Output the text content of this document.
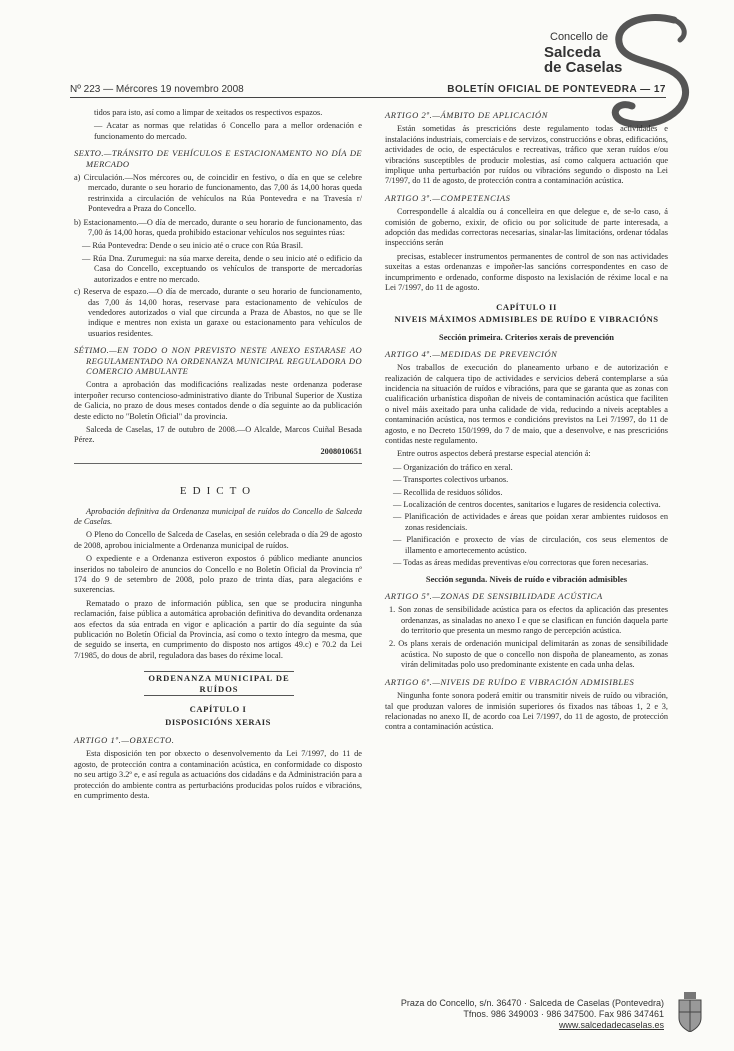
Concello de
Salceda
de Caselas
Nº 223 — Mércores 19 novembro 2008	BOLETÍN OFICIAL DE PONTEVEDRA — 17

tidos para isto, así como a limpar de xeitados os respectivos espazos.

— Acatar as normas que relatidas ó Concello para a mellor ordenación e funcionamento do mercado.

SEXTO.—TRÁNSITO DE VEHÍCULOS E ESTACIONAMENTO NO DÍA DE MERCADO

a) Circulación.—Nos mércores ou, de coincidir en festivo, o día en que se celebre mercado, durante o seu horario de funcionamento, das 7,00 ás 14,00 horas queda restrinxida a circulación de vehículos na Rúa Pontevedra e na Travesía r/ Pontevedra a Praza do Concello.

b) Estacionamento.—O día de mercado, durante o seu horario de funcionamento, das 7,00 ás 14,00 horas, queda prohibido estacionar vehículos nos seguintes rúas:

— Rúa Pontevedra: Dende o seu inicio até o cruce con Rúa Brasil.

— Rúa Dna. Zurumegui: na súa marxe dereita, dende o seu inicio até o edificio da Casa do Concello, exceptuando os vehículos de transporte de mercadorías autorizados e entre no mercado.

c) Reserva de espazo.—O día de mercado, durante o seu horario de funcionamento, das 7,00 ás 14,00 horas, reservase para estacionamento de vehículos de vendedores autorizados o vial que circunda a Praza de Abastos, no que se lle indique e mentres non exista un garaxe ou estacionamento para vehículos de usuarios residentes.

SÉTIMO.—EN TODO O NON PREVISTO NESTE ANEXO ESTARASE AO REGULAMENTADO NA ORDENANZA MUNICIPAL REGULADORA DO COMERCIO AMBULANTE

Contra a aprobación das modificacións realizadas neste ordenanza poderase interpoñer recurso contencioso-administrativo diante do Tribunal Superior de Xustiza de Galicia, no prazo de dous meses contados dende o día seguinte ao da publicación deste edicto no "Boletín Oficial" da provincia.

Salceda de Caselas, 17 de outubro de 2008.—O Alcalde, Marcos Cuiñal Besada Pérez.

2008010651

EDICTO

Aprobación definitiva da Ordenanza municipal de ruídos do Concello de Salceda de Caselas.

O Pleno do Concello de Salceda de Caselas, en sesión celebrada o día 29 de agosto de 2008, aprobou inicialmente a Ordenanza municipal de ruídos.

O expediente e a Ordenanza estiveron expostos ó público mediante anuncios inseridos no taboleiro de anuncios do Concello e no Boletín Oficial da Provincia nº 174 do 9 de setembro de 2008, polo prazo de trinta días, para alegacións e suxerencias.

Rematado o prazo de información pública, sen que se producira ningunha reclamación, faise pública a automática aprobación definitiva do devandita ordenanza aos efectos da súa entrada en vigor e aplicación a partir do día seguinte da súa publicación no Boletín Oficial da Provincia, así como o texto íntegro da mesma, que de seguido se inserta, en cumprimento do disposto nos artigos 49.c) e 70.2 da Lei 7/1985, do dous de abril, reguladora das bases do réxime local.

ORDENANZA MUNICIPAL DE RUÍDOS
CAPÍTULO I
DISPOSICIÓNS XERAIS
ARTIGO 1º.—OBXECTO.

Esta disposición ten por obxecto o desenvolvemento da Lei 7/1997, do 11 de agosto, de protección contra a contaminación acústica, en conformidade co disposto no seu artigo 3.2º e, e así regula as actuacións dos cidadáns e da Administración para a protección do ambiente contra as perturbacións producidas polos ruídos e vibracións, en cumprimento desta.

ARTIGO 2º.—ÁMBITO DE APLICACIÓN

Están sometidas ás prescricións deste regulamento todas actividades e instalacións industriais, comerciais e de servizos, construccións e obras, edificacións, actividades de ocio, de espectáculos e recreativas, tráfico que xeran ruídos e/ou vibracións susceptibles de producir molestias, así como calquera actuación que implique unha perturbación por ruídos ou vibracións segundo o disposto na Lei 7/1997, do 11 de agosto, de protección contra a contaminación acústica.

ARTIGO 3º.—COMPETENCIAS

Correspondelle á alcaldía ou á concelleira en que delegue e, de se-lo caso, á comisión de goberno, exixir, de oficio ou por solicitude de parte interesada, a adopción das medidas correctoras necesarias, sinalar-las limitacións, ordenar tódalas inspeccións serán

precisas, establecer instrumentos permanentes de control de son nas actividades suxeitas a estas ordenanzas e impoñer-las sancións correspondentes en caso de incumprimento e ordenado, conforme disposto na lexislación de réxime local e na Lei 7/1997, do 11 de agosto.

CAPÍTULO II
NIVEIS MÁXIMOS ADMISIBLES DE RUÍDO E VIBRACIÓNS
Sección primeira. Criterios xerais de prevención
ARTIGO 4º.—MEDIDAS DE PREVENCIÓN

Nos traballos de execución do planeamento urbano e de autorización e realización de calquera tipo de actividades e servicios deberá contemplarse a súa incidencia na situación de ruídos e vibracións, para que se garanta que as zonas con cualificación urbanística dispoñan de niveis de contaminación acústica que faciliten o nivel máis axeitado para unha calidade de vida, reducindo a niveis aceptables a contaminación acústica, nos termos e condicións previstos na Lei 7/1997, do 11 de agosto, e no Decreto 150/1999, do 7 de maio, que a desenvolve, e nas prescricións contidas neste regulamento.

Entre outros aspectos deberá prestarse especial atención á:

— Organización do tráfico en xeral.

— Transportes colectivos urbanos.

— Recollida de residuos sólidos.

— Localización de centros docentes, sanitarios e lugares de residencia colectiva.

— Planificación de actividades e áreas que poidan xerar ambientes ruidosos en zonas residenciais.

— Planificación e proxecto de vías de circulación, cos seus elementos de illamento e amortecemento acústico.

— Todas as áreas medidas preventivas e/ou correctoras que foren necesarias.

Sección segunda. Niveis de ruído e vibración admisibles
ARTIGO 5º.—ZONAS DE SENSIBILIDADE ACÚSTICA

1. Son zonas de sensibilidade acústica para os efectos da aplicación das presentes ordenanzas, as sinaladas no anexo I e que se clasifican en función daquela parte do territorio que presenta un mesmo rango de percepción acústica.

2. Os plans xerais de ordenación municipal delimitarán as zonas de sensibilidade acústica. No suposto de que o concello non dispoña de planeamento, as zonas virán delimitadas polo uso predominante existente en cada unha delas.

ARTIGO 6º.—NIVEIS DE RUÍDO E VIBRACIÓN ADMISIBLES

Ningunha fonte sonora poderá emitir ou transmitir niveis de ruído ou vibración, tal que produzan valores de inmisión superiores ós fixados nas táboas 1, 2 e 3, relacionadas no anexo II, de acordo coa Lei 7/1997, do 11 de agosto, de protección contra a contaminación acústica.

Praza do Concello, s/n. 36470 · Salceda de Caselas (Pontevedra)
Tfnos. 986 349003 · 986 347500. Fax 986 347461
www.salcedadecaselas.es
